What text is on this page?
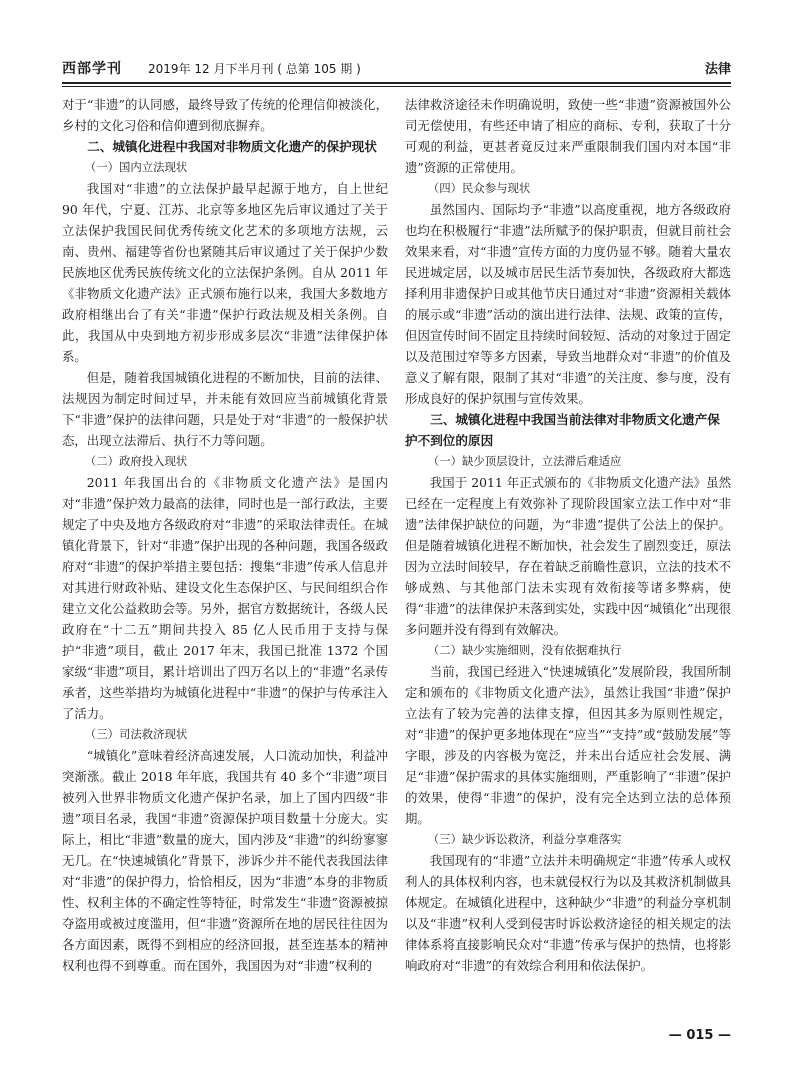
西部学刊 2019年 12 月下半月刊 ( 总第 105 期 )	法律

对于“非遗”的认同感，最终导致了传统的伦理信仰被淡化，乡村的文化习俗和信仰遭到彻底摒弃。

二、城镇化进程中我国对非物质文化遗产的保护现状

（一）国内立法现状

我国对“非遗”的立法保护最早起源于地方，自上世纪 90 年代，宁夏、江苏、北京等多地区先后审议通过了关于立法保护我国民间优秀传统文化艺术的多项地方法规，云南、贵州、福建等省份也紧随其后审议通过了关于保护少数民族地区优秀民族传统文化的立法保护条例。自从 2011 年《非物质文化遗产法》正式颁布施行以来，我国大多数地方政府相继出台了有关“非遗”保护行政法规及相关条例。自此，我国从中央到地方初步形成多层次“非遗”法律保护体系。

但是，随着我国城镇化进程的不断加快，目前的法律、法规因为制定时间过早，并未能有效回应当前城镇化背景下“非遗”保护的法律问题，只是处于对“非遗”的一般保护状态，出现立法滞后、执行不力等问题。

（二）政府投入现状

2011 年我国出台的《非物质文化遗产法》是国内对“非遗”保护效力最高的法律，同时也是一部行政法，主要规定了中央及地方各级政府对“非遗”的采取法律责任。在城镇化背景下，针对“非遗”保护出现的各种问题，我国各级政府对“非遗”的保护举措主要包括：搜集“非遗”传承人信息并对其进行财政补贴、建设文化生态保护区、与民间组织合作建立文化公益救助会等。另外，据官方数据统计，各级人民政府在“十二五”期间共投入 85 亿人民币用于支持与保护“非遗”项目，截止 2017 年末，我国已批准 1372 个国家级“非遗”项目，累计培训出了四万名以上的“非遗”名录传承者，这些举措均为城镇化进程中“非遗”的保护与传承注入了活力。

（三）司法救济现状

“城镇化”意味着经济高速发展，人口流动加快，利益冲突渐涨。截止 2018 年年底，我国共有 40 多个“非遗”项目被列入世界非物质文化遗产保护名录，加上了国内四级“非遗”项目名录，我国“非遗”资源保护项目数量十分庞大。实际上，相比“非遗”数量的庞大，国内涉及“非遗”的纠纷寥寥无几。在“快速城镇化”背景下，涉诉少并不能代表我国法律对“非遗”的保护得力，恰恰相反，因为“非遗”本身的非物质性、权利主体的不确定性等特征，时常发生“非遗”资源被掠夺盗用或被过度滥用，但“非遗”资源所在地的居民往往因为各方面因素，既得不到相应的经济回报，甚至连基本的精神权利也得不到尊重。而在国外，我国因为对“非遗”权利的

法律救济途径未作明确说明，致使一些“非遗”资源被国外公司无偿使用，有些还申请了相应的商标、专利，获取了十分可观的利益，更甚者竟反过来严重限制我们国内对本国“非遗”资源的正常使用。

（四）民众参与现状

虽然国内、国际均予“非遗”以高度重视，地方各级政府也均在积极履行“非遗”法所赋予的保护职责，但就目前社会效果来看，对“非遗”宣传方面的力度仍显不够。随着大量农民进城定居，以及城市居民生活节奏加快，各级政府大都选择利用非遗保护日或其他节庆日通过对“非遗”资源相关载体的展示或“非遗”活动的演出进行法律、法规、政策的宣传，但因宣传时间不固定且持续时间较短、活动的对象过于固定以及范围过窄等多方因素，导致当地群众对“非遗”的价值及意义了解有限，限制了其对“非遗”的关注度、参与度，没有形成良好的保护氛围与宣传效果。

三、城镇化进程中我国当前法律对非物质文化遗产保护不到位的原因

（一）缺少顶层设计，立法滞后难适应

我国于 2011 年正式颁布的《非物质文化遗产法》虽然已经在一定程度上有效弥补了现阶段国家立法工作中对“非遗”法律保护缺位的问题，为“非遗”提供了公法上的保护。但是随着城镇化进程不断加快，社会发生了剧烈变迁，原法因为立法时间较早，存在着缺乏前瞻性意识，立法的技术不够成熟、与其他部门法未实现有效衔接等诸多弊病，使得“非遗”的法律保护未落到实处，实践中因“城镇化”出现很多问题并没有得到有效解决。

（二）缺少实施细则，没有依据难执行

当前，我国已经进入“快速城镇化”发展阶段，我国所制定和颁布的《非物质文化遗产法》，虽然让我国“非遗”保护立法有了较为完善的法律支撑，但因其多为原则性规定，对“非遗”的保护更多地体现在“应当”“支持”或“鼓励发展”等字眼，涉及的内容极为宽泛，并未出台适应社会发展、满足“非遗”保护需求的具体实施细则，严重影响了“非遗”保护的效果，使得“非遗”的保护，没有完全达到立法的总体预期。

（三）缺少诉讼救济，利益分享难落实

我国现有的“非遗”立法并未明确规定“非遗”传承人或权利人的具体权利内容，也未就侵权行为以及其救济机制做具体规定。在城镇化进程中，这种缺少“非遗”的利益分享机制以及“非遗”权利人受到侵害时诉讼救济途径的相关规定的法律体系将直接影响民众对“非遗”传承与保护的热情，也将影响政府对“非遗”的有效综合利用和依法保护。

— 015 —
